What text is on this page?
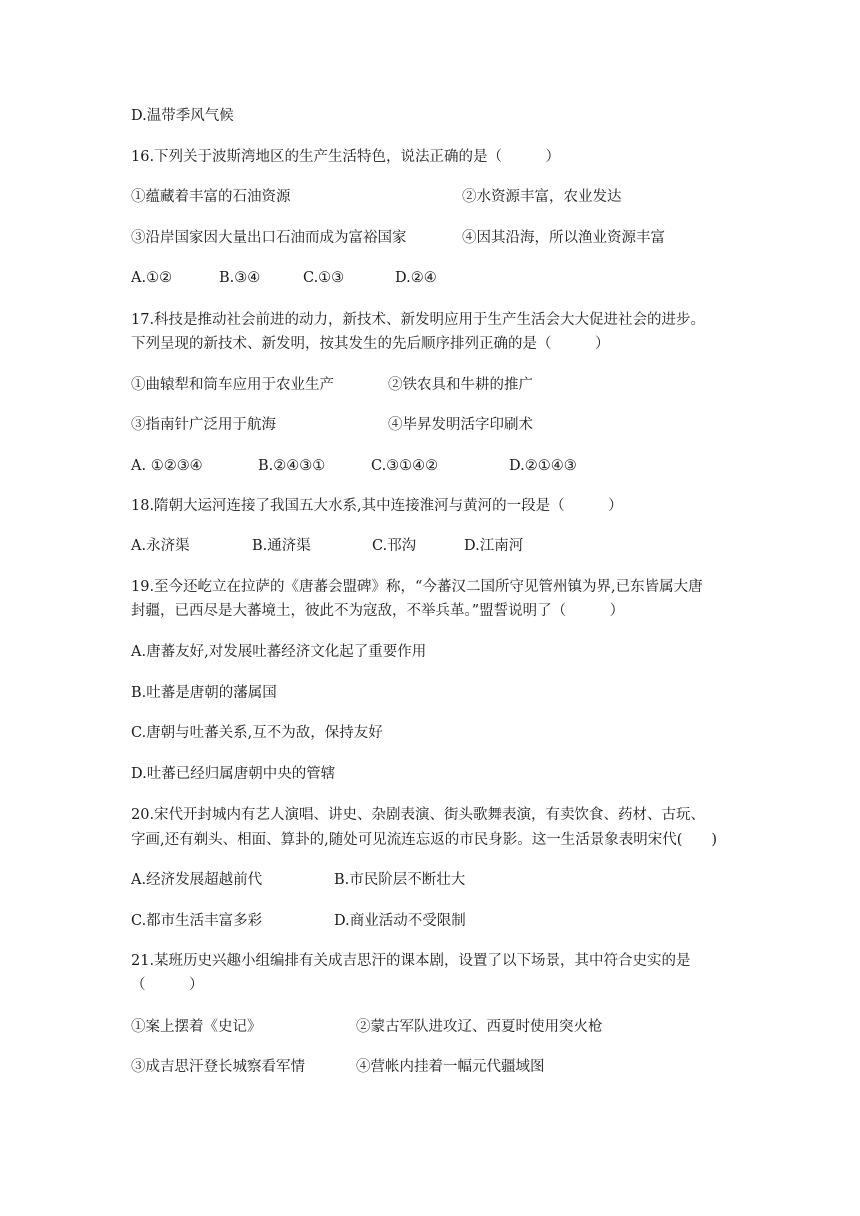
D.温带季风气候
16.下列关于波斯湾地区的生产生活特色，说法正确的是（　　　）
①蕴藏着丰富的石油资源	②水资源丰富，农业发达
③沿岸国家因大量出口石油而成为富裕国家	④因其沿海，所以渔业资源丰富
A.①②	B.③④	C.①③	D.②④
17.科技是推动社会前进的动力，新技术、新发明应用于生产生活会大大促进社会的进步。
下列呈现的新技术、新发明，按其发生的先后顺序排列正确的是（　　　）
①曲辕犁和筒车应用于农业生产	②铁农具和牛耕的推广
③指南针广泛用于航海	④毕昇发明活字印刷术
A. ①②③④	B.②④③①	C.③①④②	D.②①④③
18.隋朝大运河连接了我国五大水系,其中连接淮河与黄河的一段是（　　　）
A.永济渠	B.通济渠	C.邗沟	D.江南河
19.至今还屹立在拉萨的《唐蕃会盟碑》称，“今蕃汉二国所守见管州镇为界,已东皆属大唐
封疆，已西尽是大蕃境土，彼此不为寇敌，不举兵革。”盟誓说明了（　　　）
A.唐蕃友好,对发展吐蕃经济文化起了重要作用
B.吐蕃是唐朝的藩属国
C.唐朝与吐蕃关系,互不为敌，保持友好
D.吐蕃已经归属唐朝中央的管辖
20.宋代开封城内有艺人演唱、讲史、杂剧表演、街头歌舞表演，有卖饮食、药材、古玩、
字画,还有剃头、相面、算卦的,随处可见流连忘返的市民身影。这一生活景象表明宋代(　　)
A.经济发展超越前代	B.市民阶层不断壮大
C.都市生活丰富多彩	D.商业活动不受限制
21.某班历史兴趣小组编排有关成吉思汗的课本剧，设置了以下场景，其中符合史实的是
（　　　）
①案上摆着《史记》	②蒙古军队进攻辽、西夏时使用突火枪
③成吉思汗登长城察看军情	④营帐内挂着一幅元代疆域图
